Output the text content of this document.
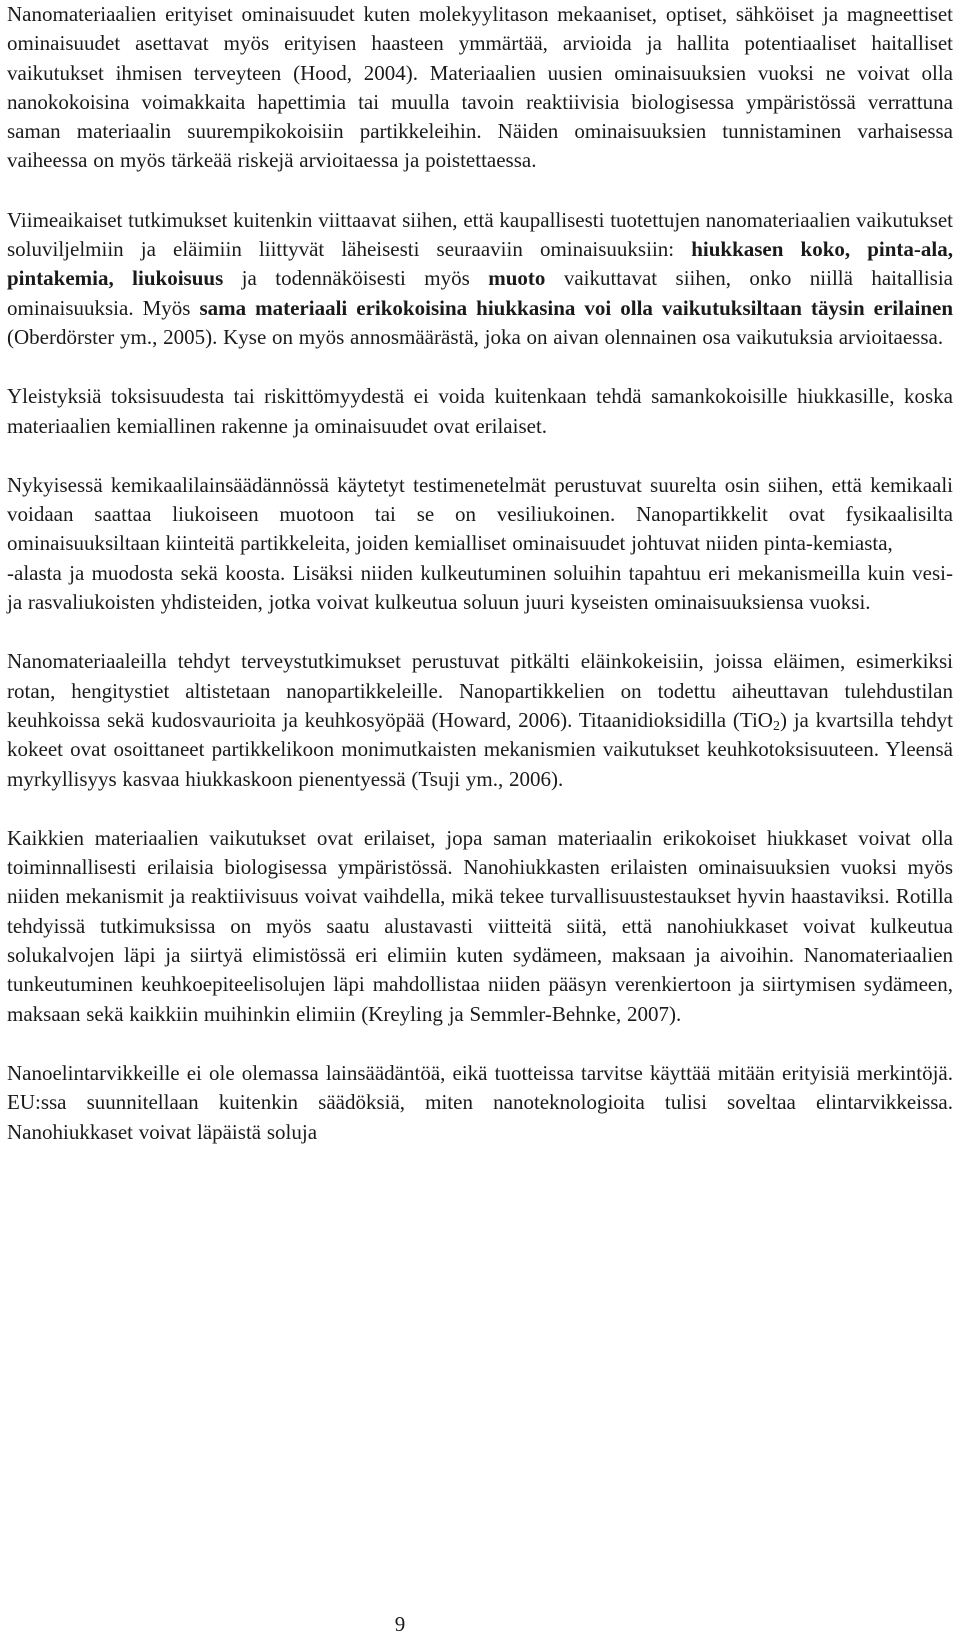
Nanomateriaalien erityiset ominaisuudet kuten molekyylitason mekaaniset, optiset, sähköiset ja magneettiset ominaisuudet asettavat myös erityisen haasteen ymmärtää, arvioida ja hallita potentiaaliset haitalliset vaikutukset ihmisen terveyteen (Hood, 2004). Materiaalien uusien ominaisuuksien vuoksi ne voivat olla nanokokoisina voimakkaita hapettimia tai muulla tavoin reaktiivisia biologisessa ympäristössä verrattuna saman materiaalin suurempikokoisiin partikkeleihin. Näiden ominaisuuksien tunnistaminen varhaisessa vaiheessa on myös tärkeää riskejä arvioitaessa ja poistettaessa.

Viimeaikaiset tutkimukset kuitenkin viittaavat siihen, että kaupallisesti tuotettujen nanomateriaalien vaikutukset soluviljelmiin ja eläimiin liittyvät läheisesti seuraaviin ominaisuuksiin: hiukkasen koko, pinta-ala, pintakemia, liukoisuus ja todennäköisesti myös muoto vaikuttavat siihen, onko niillä haitallisia ominaisuuksia. Myös sama materiaali erikokoisina hiukkasina voi olla vaikutuksiltaan täysin erilainen (Oberdörster ym., 2005). Kyse on myös annosmäärästä, joka on aivan olennainen osa vaikutuksia arvioitaessa.

Yleistyksiä toksisuudesta tai riskittömyydestä ei voida kuitenkaan tehdä samankokoisille hiukkasille, koska materiaalien kemiallinen rakenne ja ominaisuudet ovat erilaiset.

Nykyisessä kemikaalilainsäädännössä käytetyt testimenetelmät perustuvat suurelta osin siihen, että kemikaali voidaan saattaa liukoiseen muotoon tai se on vesiliukoinen. Nanopartikkelit ovat fysikaalisilta ominaisuuksiltaan kiinteitä partikkeleita, joiden kemialliset ominaisuudet johtuvat niiden pinta-kemiasta,
-alasta ja muodosta sekä koosta. Lisäksi niiden kulkeutuminen soluihin tapahtuu eri mekanismeilla kuin vesi- ja rasvaliukoisten yhdisteiden, jotka voivat kulkeutua soluun juuri kyseisten ominaisuuksiensa vuoksi.

Nanomateriaaleilla tehdyt terveystutkimukset perustuvat pitkälti eläinkokeisiin, joissa eläimen, esimerkiksi rotan, hengitystiet altistetaan nanopartikkeleille. Nanopartikkelien on todettu aiheuttavan tulehdustilan keuhkoissa sekä kudosvaurioita ja keuhkosyöpää (Howard, 2006). Titaanidioksidilla (TiO$_2$) ja kvartsilla tehdyt kokeet ovat osoittaneet partikkelikoon monimutkaisten mekanismien vaikutukset keuhkotoksisuuteen. Yleensä myrkyllisyys kasvaa hiukkaskoon pienentyessä (Tsuji ym., 2006).

Kaikkien materiaalien vaikutukset ovat erilaiset, jopa saman materiaalin erikokoiset hiukkaset voivat olla toiminnallisesti erilaisia biologisessa ympäristössä. Nanohiukkasten erilaisten ominaisuuksien vuoksi myös niiden mekanismit ja reaktiivisuus voivat vaihdella, mikä tekee turvallisuustestaukset hyvin haastaviksi. Rotilla tehdyissä tutkimuksissa on myös saatu alustavasti viitteitä siitä, että nanohiukkaset voivat kulkeutua solukalvojen läpi ja siirtyä elimistössä eri elimiin kuten sydämeen, maksaan ja aivoihin. Nanomateriaalien tunkeutuminen keuhkoepiteelisolujen läpi mahdollistaa niiden pääsyn verenkiertoon ja siirtymisen sydämeen, maksaan sekä kaikkiin muihinkin elimiin (Kreyling ja Semmler-Behnke, 2007).

Nanoelintarvikkeille ei ole olemassa lainsäädäntöä, eikä tuotteissa tarvitse käyttää mitään erityisiä merkintöjä. EU:ssa suunnitellaan kuitenkin säädöksiä, miten nanoteknologioita tulisi soveltaa elintarvikkeissa. Nanohiukkaset voivat läpäistä soluja

9
